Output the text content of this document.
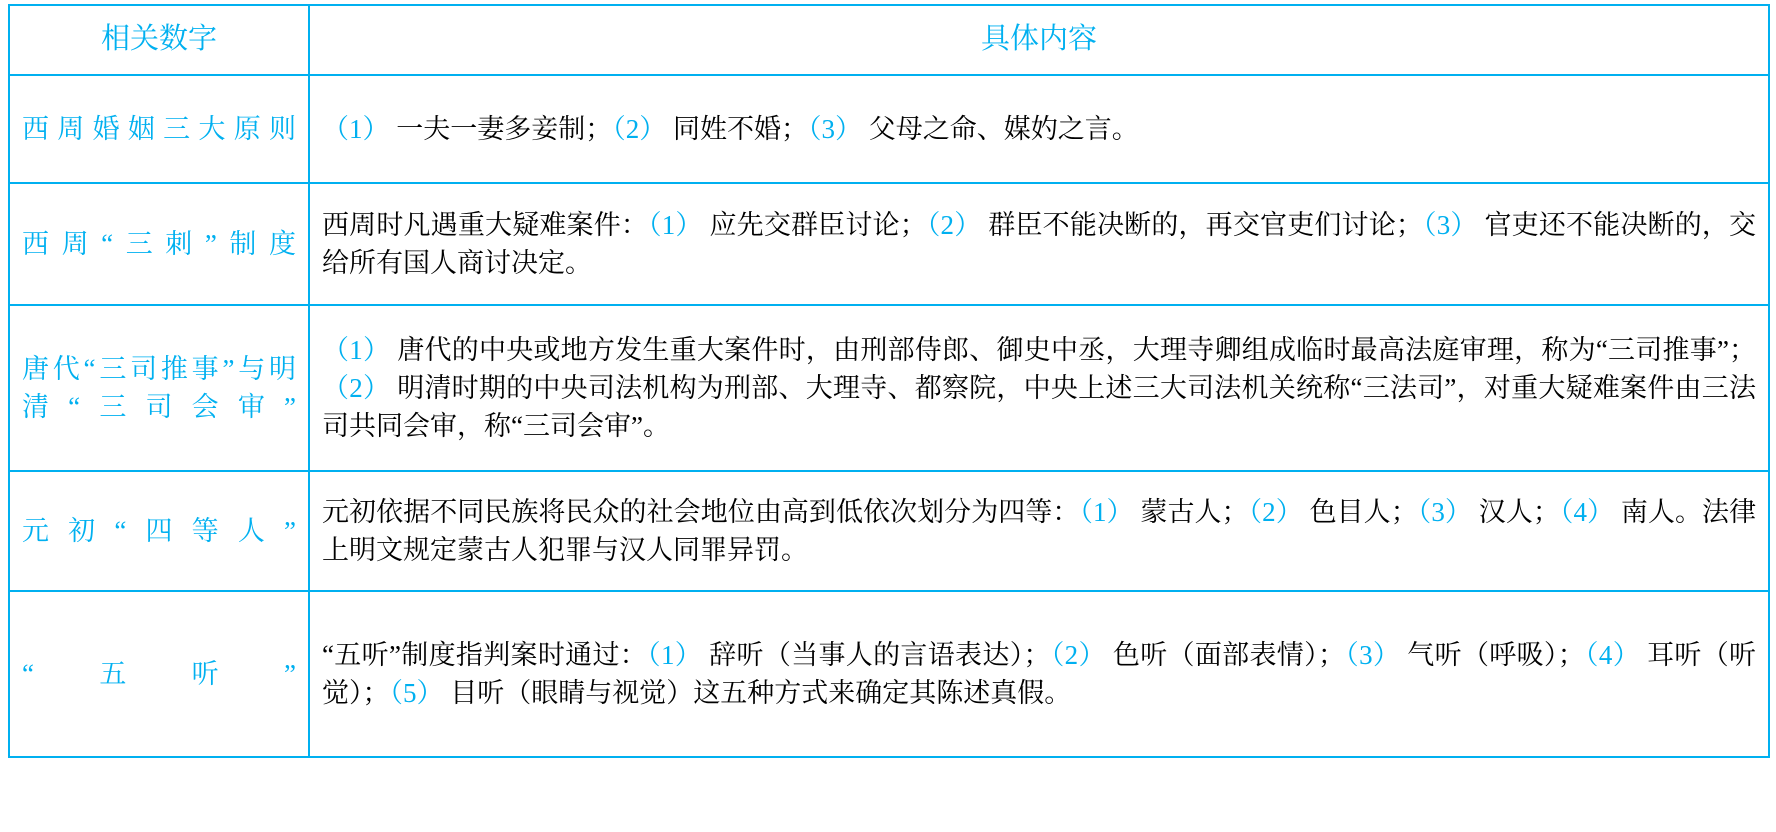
相关数字	具体内容
西周婚姻三大原则	（1） 一夫一妻多妾制；（2） 同姓不婚；（3） 父母之命、媒妁之言。
西周“三刺”制度	西周时凡遇重大疑难案件：（1） 应先交群臣讨论；（2） 群臣不能决断的，再交官吏们讨论；（3） 官吏还不能决断的，交给所有国人商讨决定。
唐代“三司推事”与明清“三司会审”	（1） 唐代的中央或地方发生重大案件时，由刑部侍郎、御史中丞，大理寺卿组成临时最高法庭审理，称为“三司推事”；（2） 明清时期的中央司法机构为刑部、大理寺、都察院，中央上述三大司法机关统称“三法司”，对重大疑难案件由三法司共同会审，称“三司会审”。
元初“四等人”	元初依据不同民族将民众的社会地位由高到低依次划分为四等：（1） 蒙古人；（2） 色目人；（3） 汉人；（4） 南人。法律上明文规定蒙古人犯罪与汉人同罪异罚。
“五听”	“五听”制度指判案时通过：（1） 辞听（当事人的言语表达）；（2） 色听（面部表情）；（3） 气听（呼吸）；（4） 耳听（听觉）；（5） 目听（眼睛与视觉）这五种方式来确定其陈述真假。
